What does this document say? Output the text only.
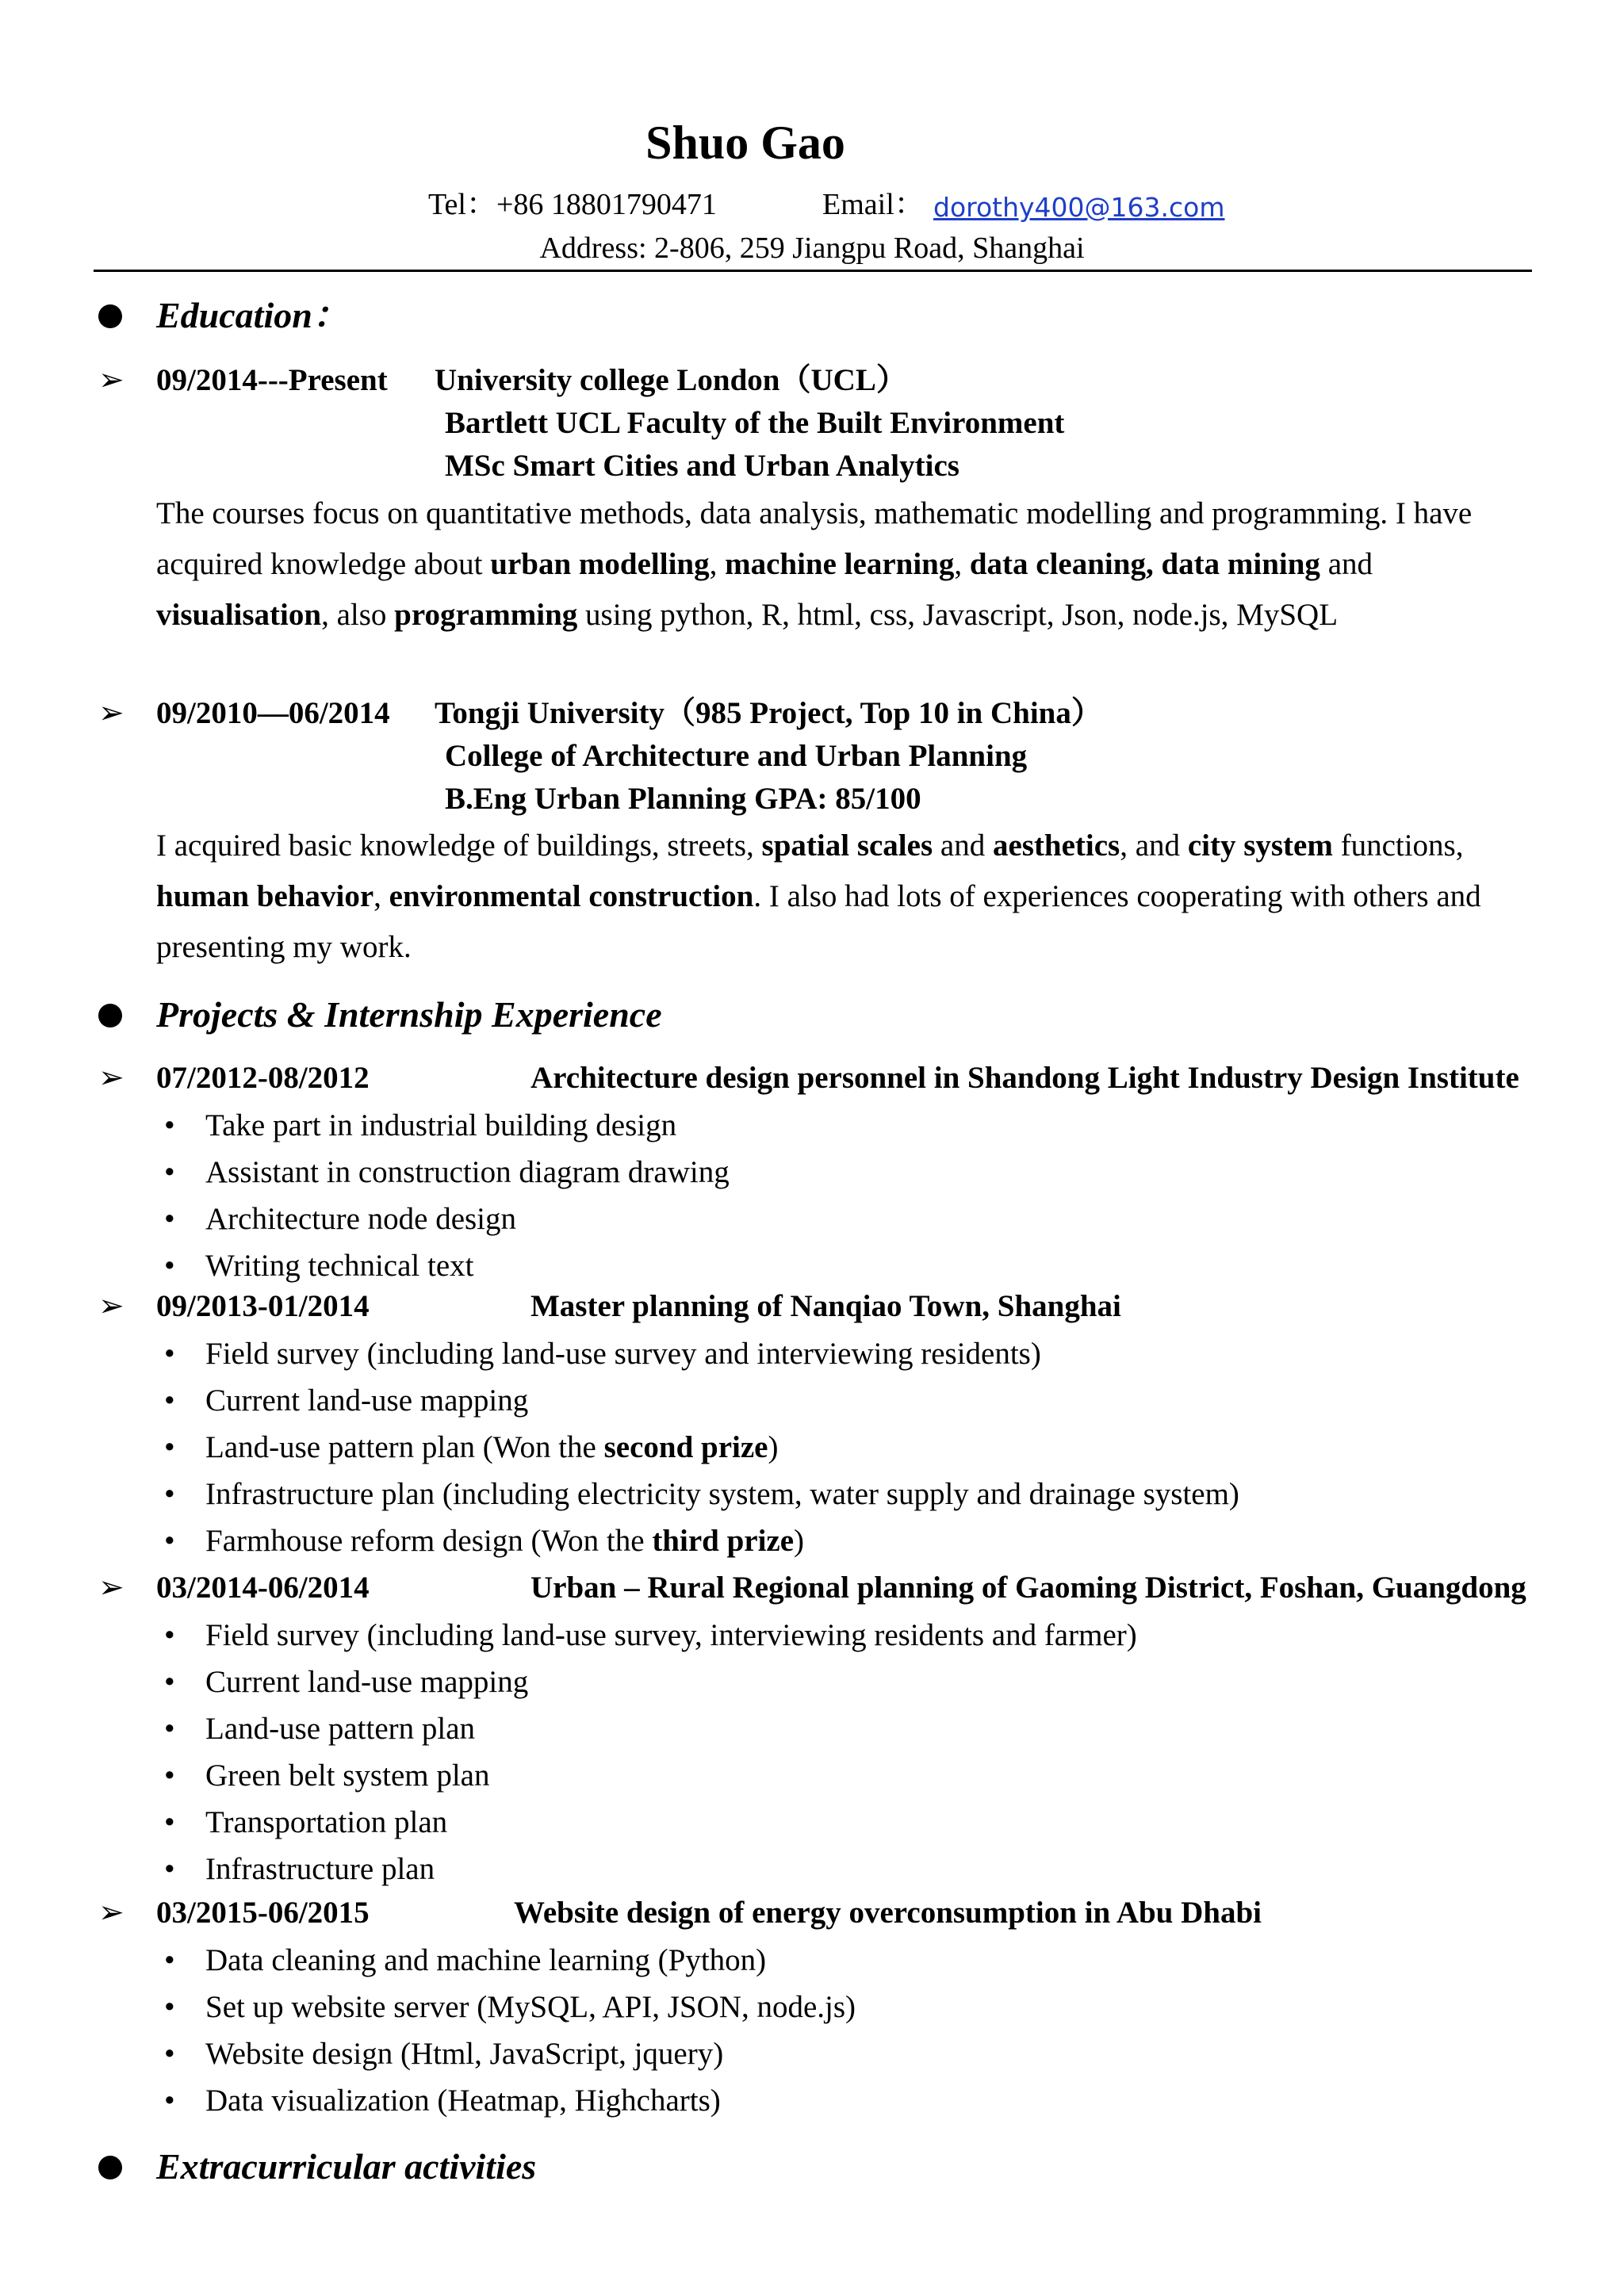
Shuo Gao
Tel：+86 18801790471	Email： dorothy400@163.com
Address: 2-806, 259 Jiangpu Road, Shanghai
Education：
➢ 09/2014---Present University college London（UCL）
Bartlett UCL Faculty of the Built Environment
MSc Smart Cities and Urban Analytics
The courses focus on quantitative methods, data analysis, mathematic modelling and programming. I have acquired knowledge about urban modelling, machine learning, data cleaning, data mining and visualisation, also programming using python, R, html, css, Javascript, Json, node.js, MySQL
➢ 09/2010—06/2014 Tongji University（985 Project, Top 10 in China）
College of Architecture and Urban Planning
B.Eng Urban Planning GPA: 85/100
I acquired basic knowledge of buildings, streets, spatial scales and aesthetics, and city system functions, human behavior, environmental construction. I also had lots of experiences cooperating with others and presenting my work.
Projects & Internship Experience
➢ 07/2012-08/2012	Architecture design personnel in Shandong Light Industry Design Institute
• Take part in industrial building design
• Assistant in construction diagram drawing
• Architecture node design
• Writing technical text
➢ 09/2013-01/2014	Master planning of Nanqiao Town, Shanghai
• Field survey (including land-use survey and interviewing residents)
• Current land-use mapping
• Land-use pattern plan (Won the second prize)
• Infrastructure plan (including electricity system, water supply and drainage system)
• Farmhouse reform design (Won the third prize)
➢ 03/2014-06/2014	Urban – Rural Regional planning of Gaoming District, Foshan, Guangdong
• Field survey (including land-use survey, interviewing residents and farmer)
• Current land-use mapping
• Land-use pattern plan
• Green belt system plan
• Transportation plan
• Infrastructure plan
➢ 03/2015-06/2015	Website design of energy overconsumption in Abu Dhabi
• Data cleaning and machine learning (Python)
• Set up website server (MySQL, API, JSON, node.js)
• Website design (Html, JavaScript, jquery)
• Data visualization (Heatmap, Highcharts)
Extracurricular activities
